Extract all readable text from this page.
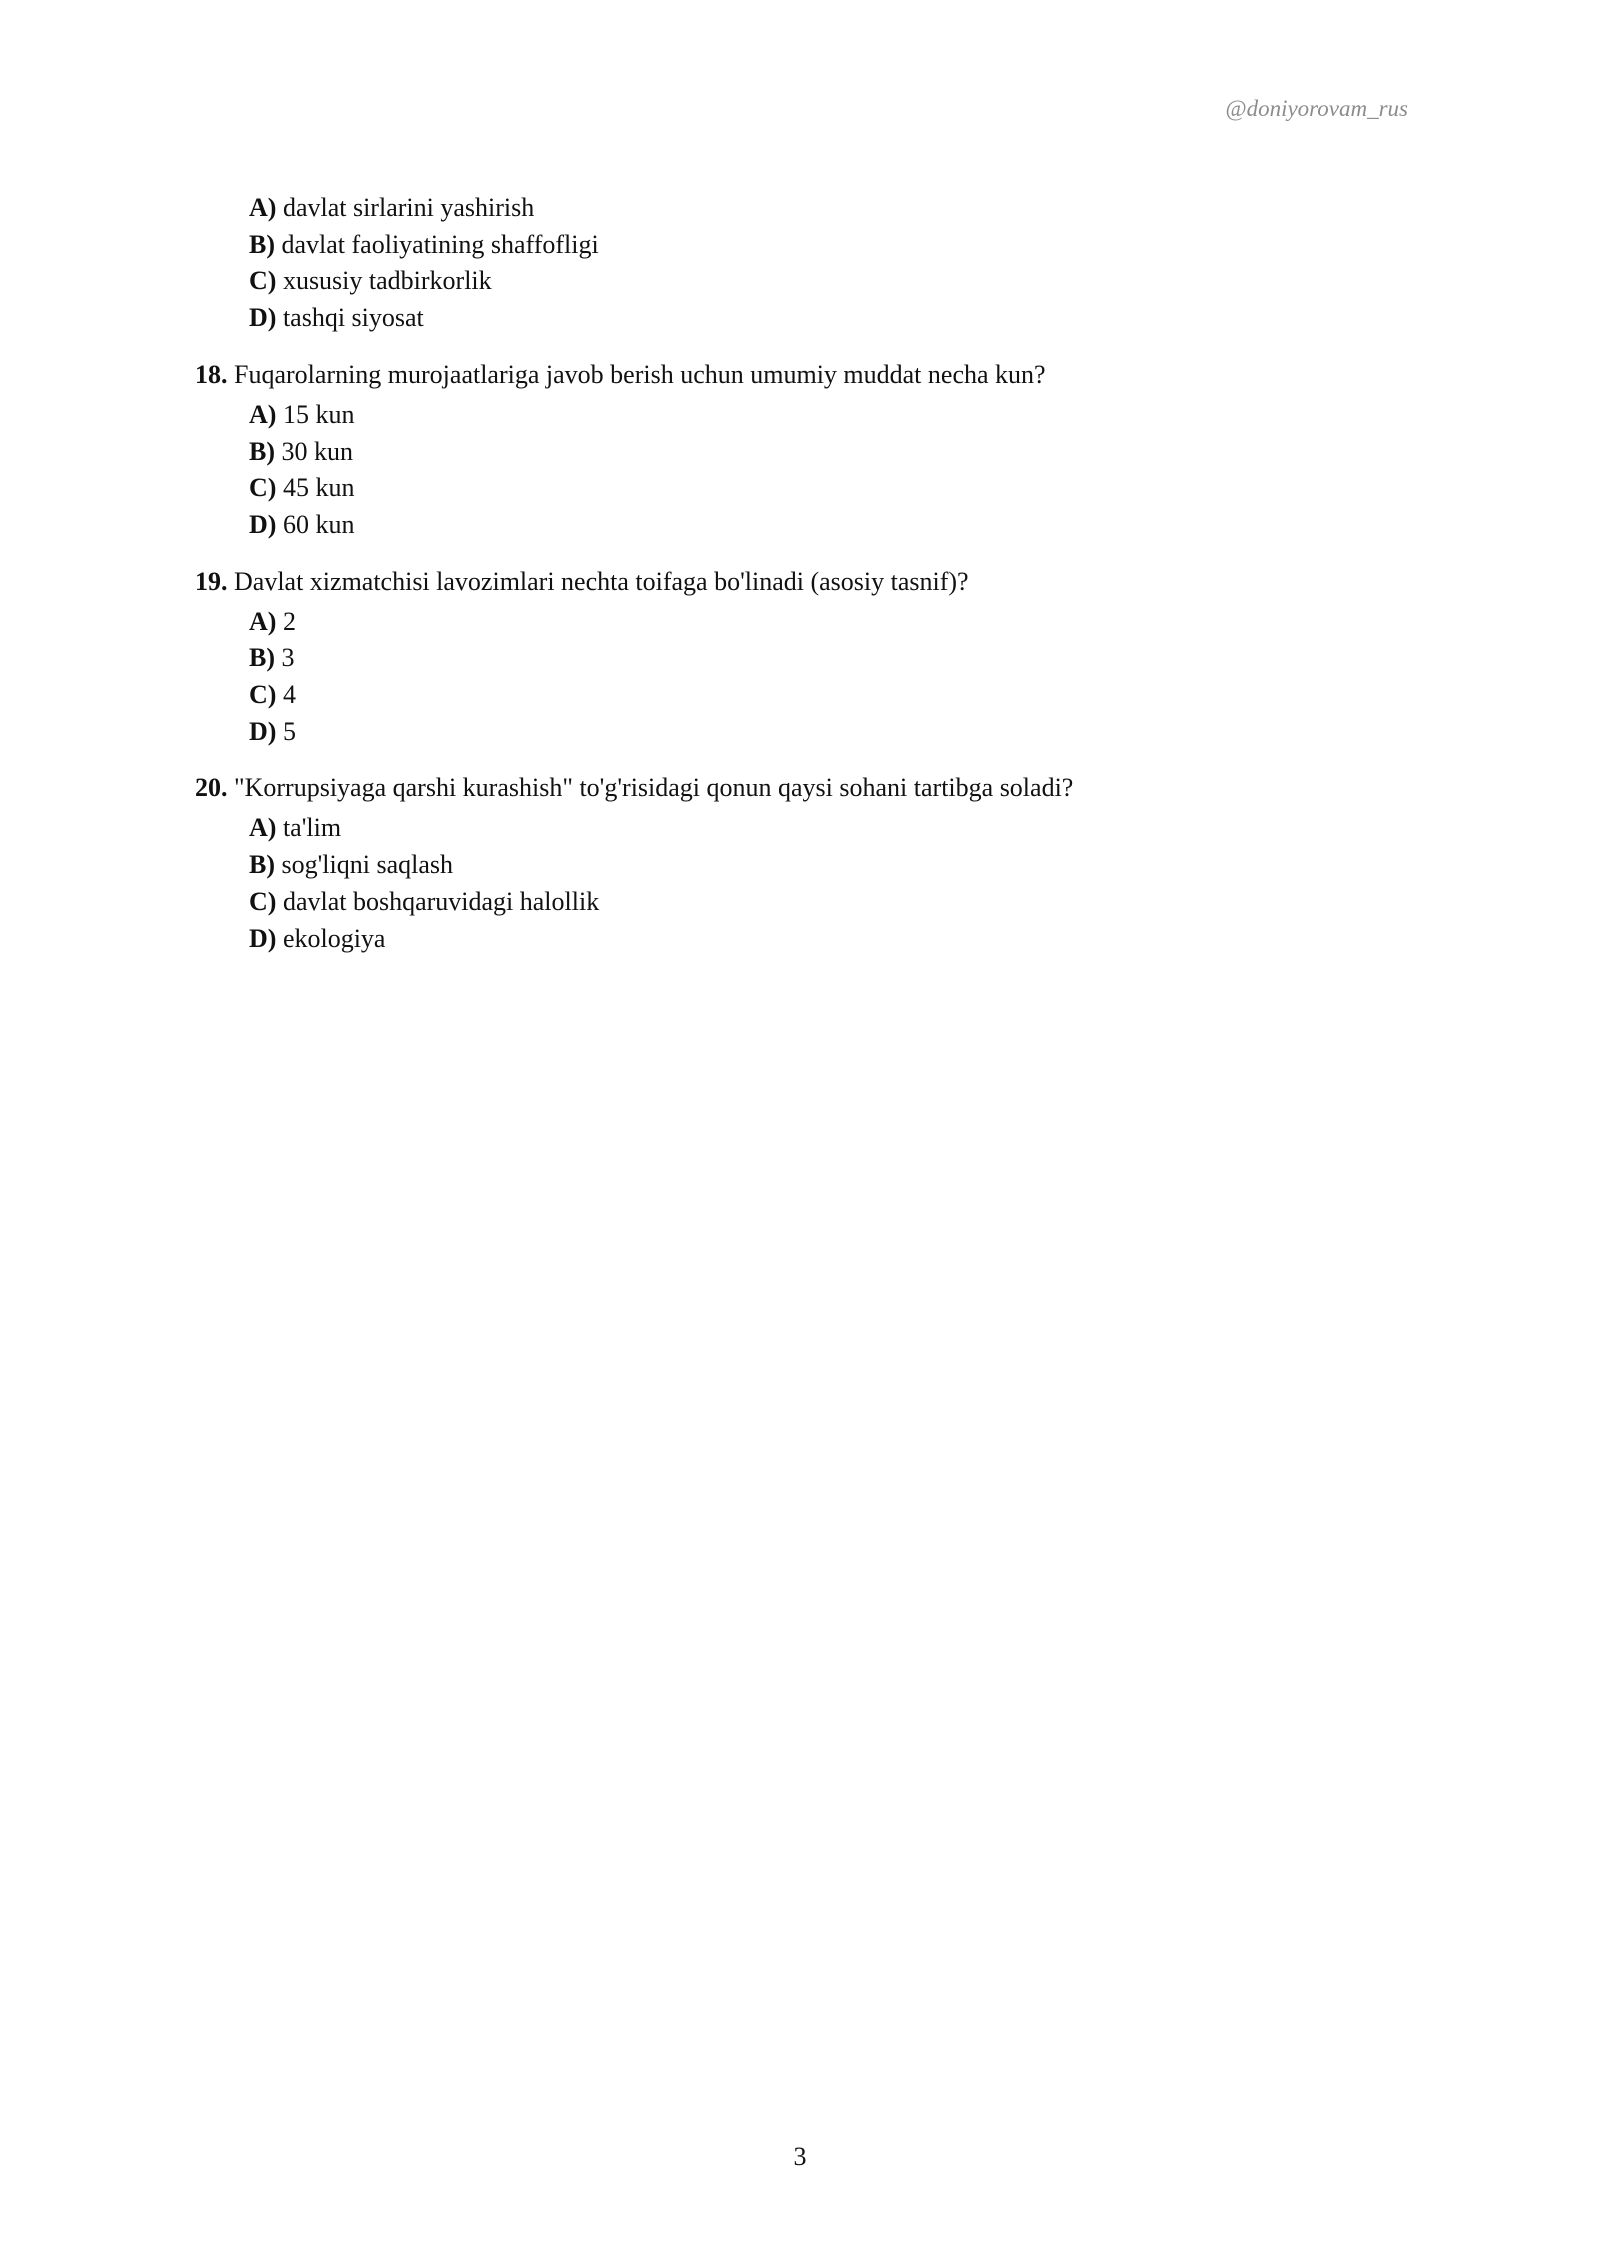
@doniyorovam_rus
A) davlat sirlarini yashirish
B) davlat faoliyatining shaffofligi
C) xususiy tadbirkorlik
D) tashqi siyosat
18. Fuqarolarning murojaatlariga javob berish uchun umumiy muddat necha kun?
A) 15 kun
B) 30 kun
C) 45 kun
D) 60 kun
19. Davlat xizmatchisi lavozimlari nechta toifaga bo'linadi (asosiy tasnif)?
A) 2
B) 3
C) 4
D) 5
20. "Korrupsiyaga qarshi kurashish" to'g'risidagi qonun qaysi sohani tartibga soladi?
A) ta'lim
B) sog'liqni saqlash
C) davlat boshqaruvidagi halollik
D) ekologiya
3
